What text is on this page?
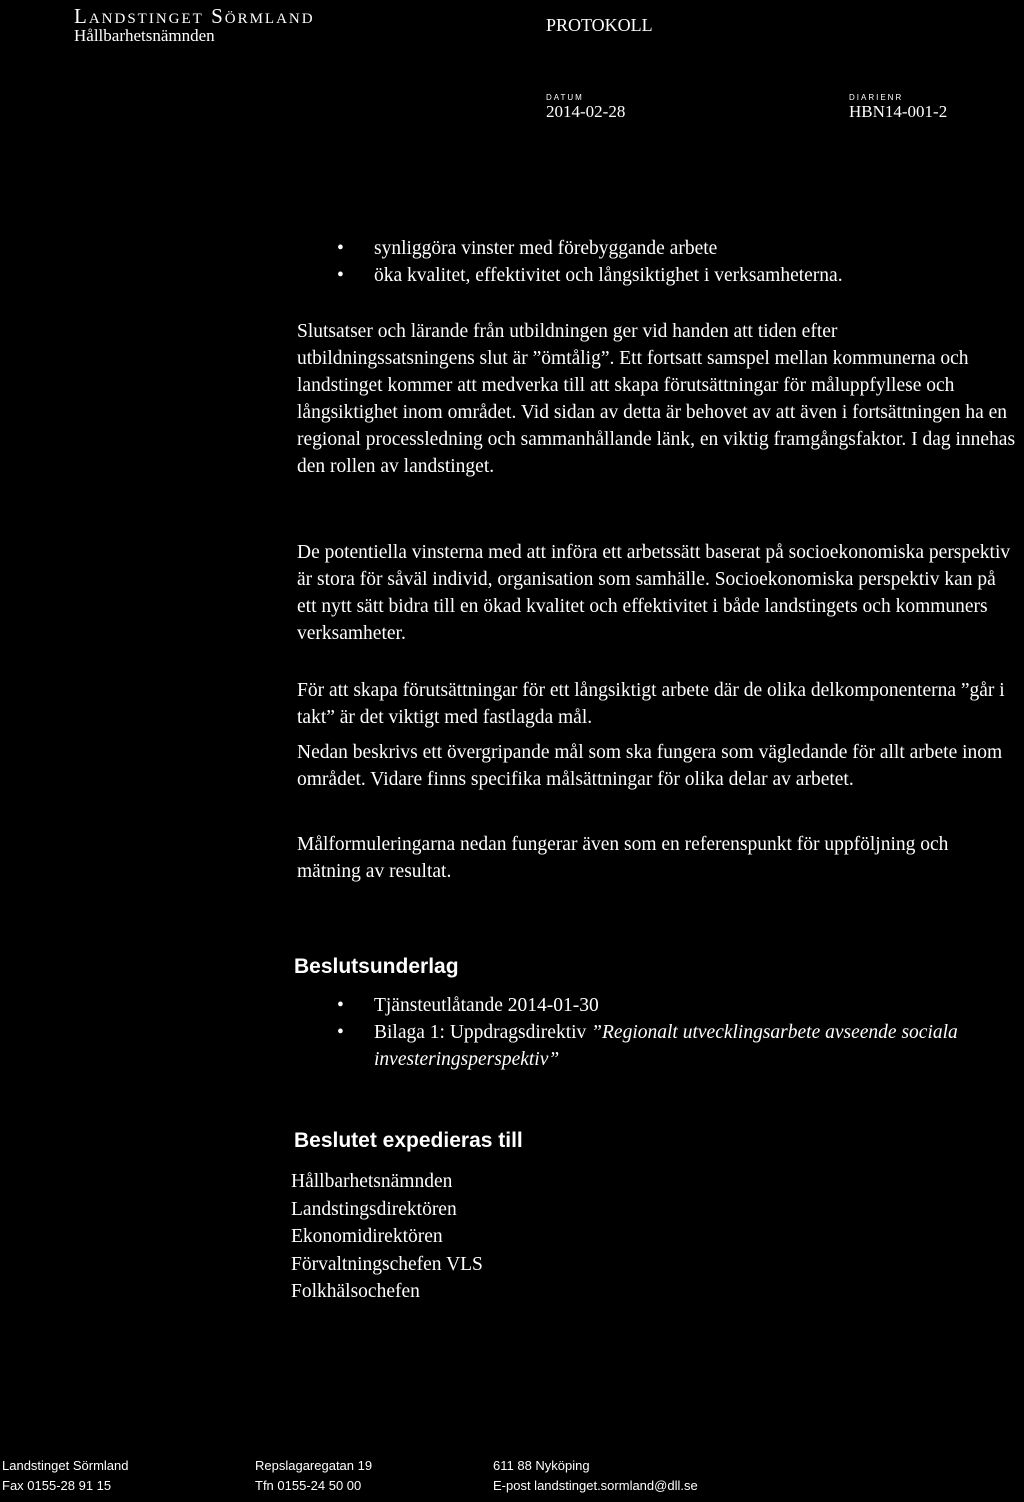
Landstinget Sörmland
Hållbarhetsnämnden
PROTOKOLL
DATUM
2014-02-28
DIARIENR
HBN14-001-2
• synliggöra vinster med förebyggande arbete
• öka kvalitet, effektivitet och långsiktighet i verksamheterna.

Slutsatser och lärande från utbildningen ger vid handen att tiden efter utbildningssatsningens slut är ”ömtålig”. Ett fortsatt samspel mellan kommunerna och landstinget kommer att medverka till att skapa förutsättningar för måluppfyllese och långsiktighet inom området. Vid sidan av detta är behovet av att även i fortsättningen ha en regional processledning och sammanhållande länk, en viktig framgångsfaktor. I dag innehas den rollen av landstinget.

De potentiella vinsterna med att införa ett arbetssätt baserat på socioekonomiska perspektiv är stora för såväl individ, organisation som samhälle. Socioekonomiska perspektiv kan på ett nytt sätt bidra till en ökad kvalitet och effektivitet i både landstingets och kommuners verksamheter.

För att skapa förutsättningar för ett långsiktigt arbete där de olika delkomponenterna ”går i takt” är det viktigt med fastlagda mål.

Nedan beskrivs ett övergripande mål som ska fungera som vägledande för allt arbete inom området. Vidare finns specifika målsättningar för olika delar av arbetet.

Målformuleringarna nedan fungerar även som en referenspunkt för uppföljning och mätning av resultat.

Beslutsunderlag
• Tjänsteutlåtande 2014-01-30
• Bilaga 1: Uppdragsdirektiv ”Regionalt utvecklingsarbete avseende sociala investeringsperspektiv”
Beslutet expedieras till
Hållbarhetsnämnden
Landstingsdirektören
Ekonomidirektören
Förvaltningschefen VLS
Folkhälsochefen
Landstinget Sörmland
Fax 0155-28 91 15
Repslagaregatan 19
Tfn 0155-24 50 00
611 88 Nyköping
E-post landstinget.sormland@dll.se
